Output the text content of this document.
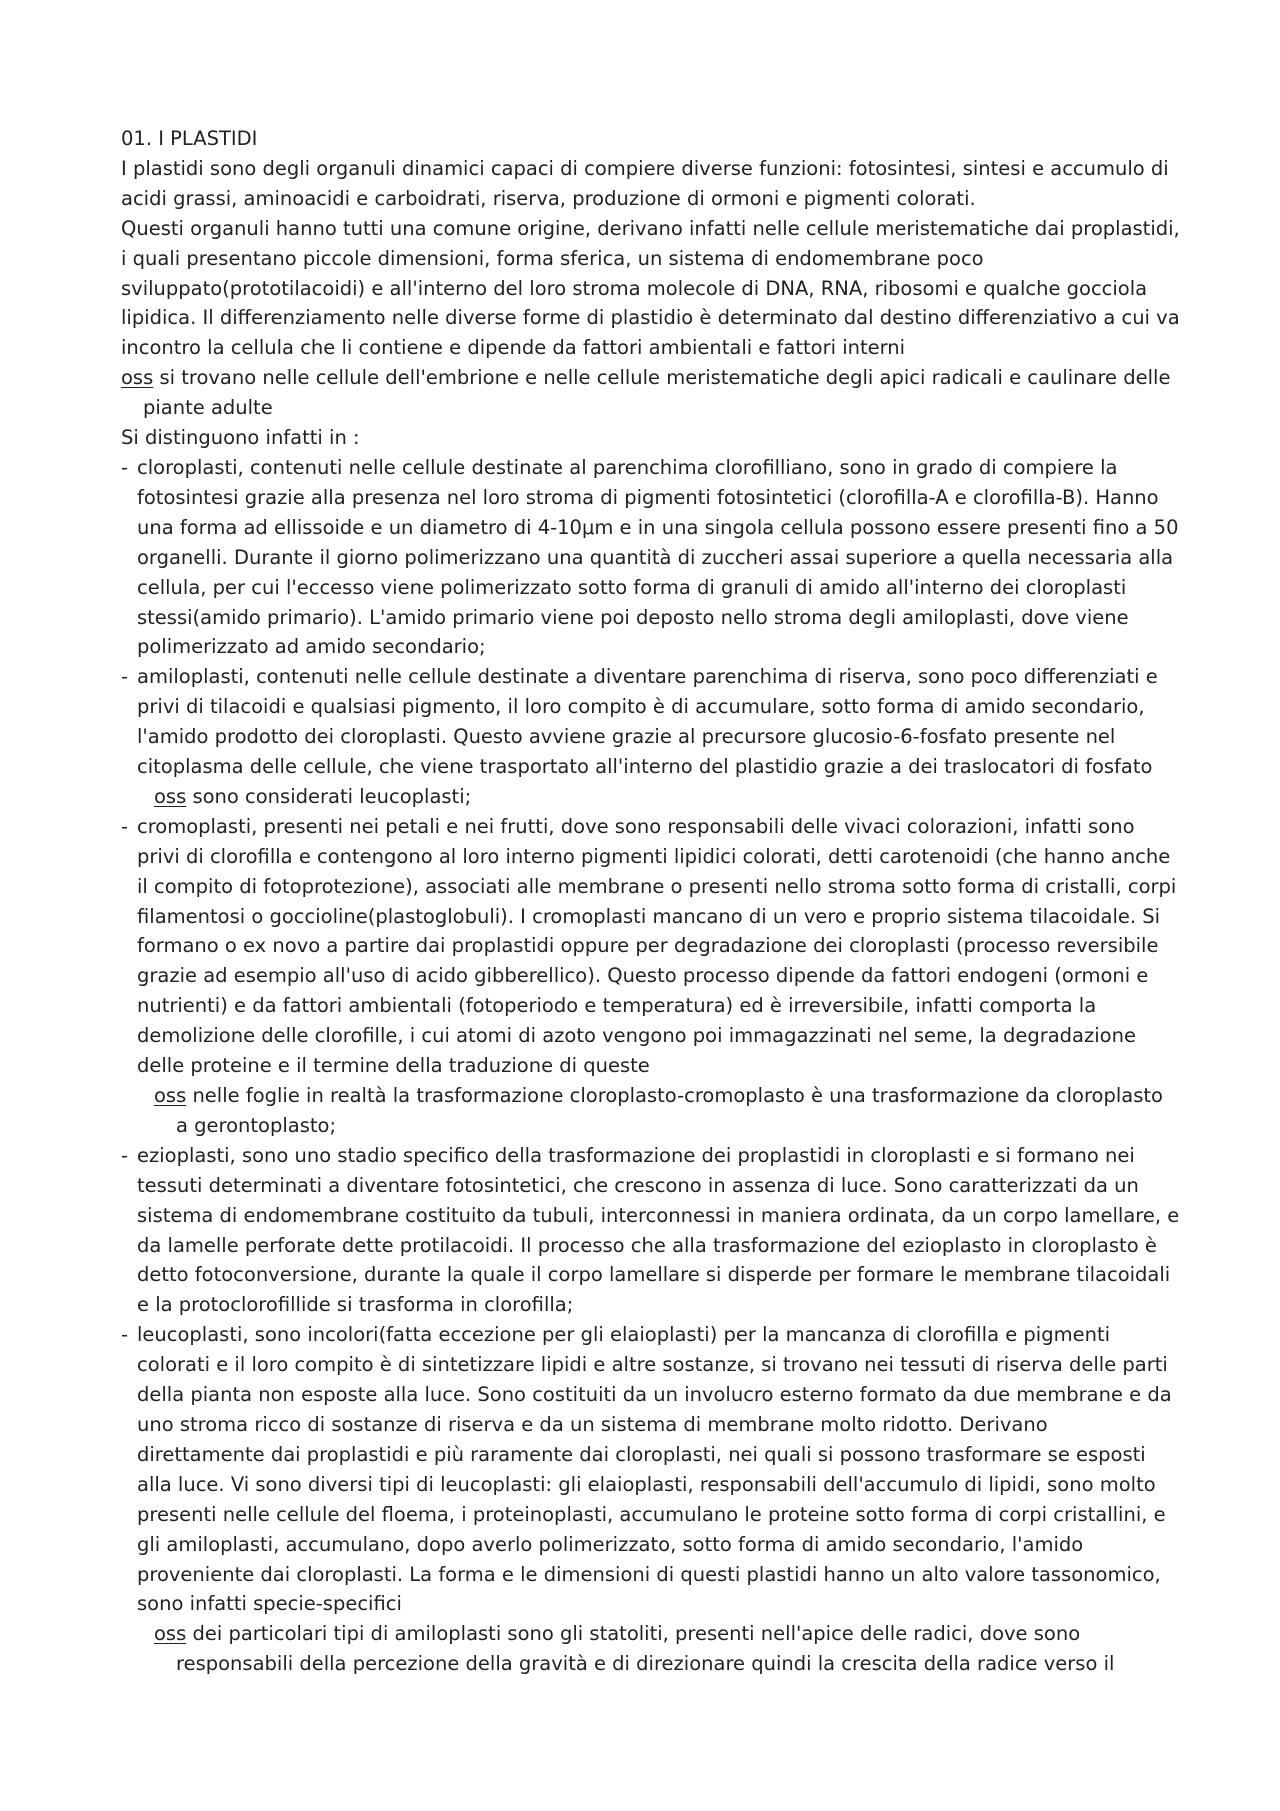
01. I PLASTIDI

I plastidi sono degli organuli dinamici capaci di compiere diverse funzioni: fotosintesi, sintesi e accumulo di acidi grassi, aminoacidi e carboidrati, riserva, produzione di ormoni e pigmenti colorati.

Questi organuli hanno tutti una comune origine, derivano infatti nelle cellule meristematiche dai proplastidi, i quali presentano piccole dimensioni, forma sferica, un sistema di endomembrane poco sviluppato(prototilacoidi) e all'interno del loro stroma molecole di DNA, RNA, ribosomi e qualche gocciola lipidica. Il differenziamento nelle diverse forme di plastidio è determinato dal destino differenziativo a cui va incontro la cellula che li contiene e dipende da fattori ambientali e fattori interni

oss si trovano nelle cellule dell'embrione e nelle cellule meristematiche degli apici radicali e caulinare delle piante adulte

Si distinguono infatti in :

- cloroplasti, contenuti nelle cellule destinate al parenchima clorofilliano, sono in grado di compiere la fotosintesi grazie alla presenza nel loro stroma di pigmenti fotosintetici (clorofilla-A e clorofilla-B). Hanno una forma ad ellissoide e un diametro di 4-10μm e in una singola cellula possono essere presenti fino a 50 organelli. Durante il giorno polimerizzano una quantità di zuccheri assai superiore a quella necessaria alla cellula, per cui l'eccesso viene polimerizzato sotto forma di granuli di amido all'interno dei cloroplasti stessi(amido primario). L'amido primario viene poi deposto nello stroma degli amiloplasti, dove viene polimerizzato ad amido secondario;
- amiloplasti, contenuti nelle cellule destinate a diventare parenchima di riserva, sono poco differenziati e privi di tilacoidi e qualsiasi pigmento, il loro compito è di accumulare, sotto forma di amido secondario, l'amido prodotto dei cloroplasti. Questo avviene grazie al precursore glucosio-6-fosfato presente nel citoplasma delle cellule, che viene trasportato all'interno del plastidio grazie a dei traslocatori di fosfato
oss sono considerati leucoplasti;
- cromoplasti, presenti nei petali e nei frutti, dove sono responsabili delle vivaci colorazioni, infatti sono privi di clorofilla e contengono al loro interno pigmenti lipidici colorati, detti carotenoidi (che hanno anche il compito di fotoprotezione), associati alle membrane o presenti nello stroma sotto forma di cristalli, corpi filamentosi o goccioline(plastoglobuli). I cromoplasti mancano di un vero e proprio sistema tilacoidale. Si formano o ex novo a partire dai proplastidi oppure per degradazione dei cloroplasti (processo reversibile grazie ad esempio all'uso di acido gibberellico). Questo processo dipende da fattori endogeni (ormoni e nutrienti) e da fattori ambientali (fotoperiodo e temperatura) ed è irreversibile, infatti comporta la demolizione delle clorofille, i cui atomi di azoto vengono poi immagazzinati nel seme, la degradazione delle proteine e il termine della traduzione di queste
oss nelle foglie in realtà la trasformazione cloroplasto-cromoplasto è una trasformazione da cloroplasto a gerontoplasto;
- ezioplasti, sono uno stadio specifico della trasformazione dei proplastidi in cloroplasti e si formano nei tessuti determinati a diventare fotosintetici, che crescono in assenza di luce. Sono caratterizzati da un sistema di endomembrane costituito da tubuli, interconnessi in maniera ordinata, da un corpo lamellare, e da lamelle perforate dette protilacoidi. Il processo che alla trasformazione del ezioplasto in cloroplasto è detto fotoconversione, durante la quale il corpo lamellare si disperde per formare le membrane tilacoidali e la protoclorofillide si trasforma in clorofilla;
- leucoplasti, sono incolori(fatta eccezione per gli elaioplasti) per la mancanza di clorofilla e pigmenti colorati e il loro compito è di sintetizzare lipidi e altre sostanze, si trovano nei tessuti di riserva delle parti della pianta non esposte alla luce. Sono costituiti da un involucro esterno formato da due membrane e da uno stroma ricco di sostanze di riserva e da un sistema di membrane molto ridotto. Derivano direttamente dai proplastidi e più raramente dai cloroplasti, nei quali si possono trasformare se esposti alla luce. Vi sono diversi tipi di leucoplasti: gli elaioplasti, responsabili dell'accumulo di lipidi, sono molto presenti nelle cellule del floema, i proteinoplasti, accumulano le proteine sotto forma di corpi cristallini, e gli amiloplasti, accumulano, dopo averlo polimerizzato, sotto forma di amido secondario, l'amido proveniente dai cloroplasti. La forma e le dimensioni di questi plastidi hanno un alto valore tassonomico, sono infatti specie-specifici
oss dei particolari tipi di amiloplasti sono gli statoliti, presenti nell'apice delle radici, dove sono responsabili della percezione della gravità e di direzionare quindi la crescita della radice verso il
